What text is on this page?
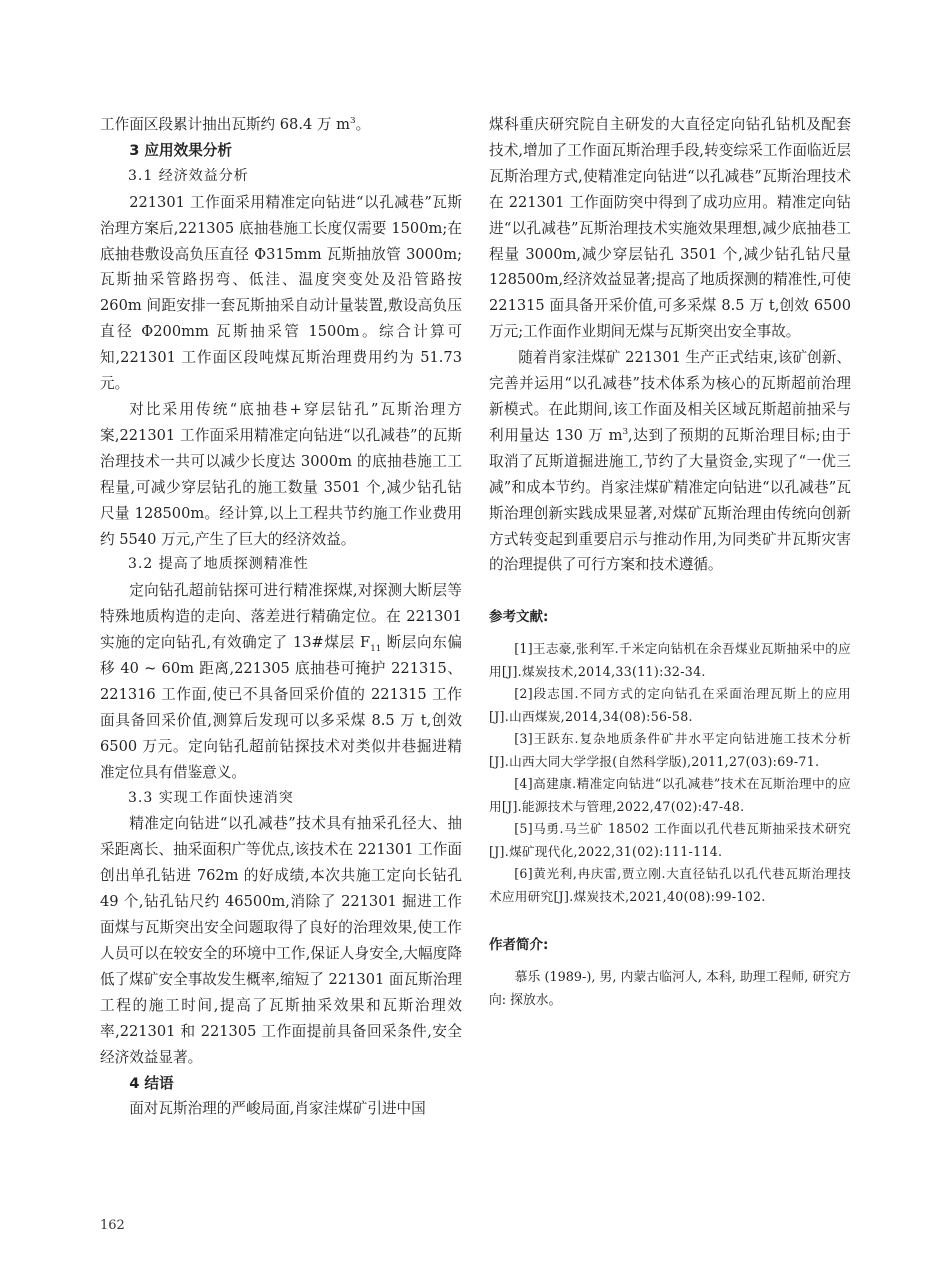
工作面区段累计抽出瓦斯约 68.4 万 $m^3$。

3 应用效果分析

3.1 经济效益分析

221301 工作面采用精准定向钻进“以孔减巷”瓦斯治理方案后,221305 底抽巷施工长度仅需要 1500m;在底抽巷敷设高负压直径 Φ315mm 瓦斯抽放管 3000m;瓦斯抽采管路拐弯、低洼、温度突变处及沿管路按 260m 间距安排一套瓦斯抽采自动计量装置,敷设高负压直径 Φ200mm 瓦斯抽采管 1500m。综合计算可知,221301 工作面区段吨煤瓦斯治理费用约为 51.73 元。

对比采用传统“底抽巷+穿层钻孔”瓦斯治理方案,221301 工作面采用精准定向钻进“以孔减巷”的瓦斯治理技术一共可以减少长度达 3000m 的底抽巷施工工程量,可减少穿层钻孔的施工数量 3501 个,减少钻孔钻尺量 128500m。经计算,以上工程共节约施工作业费用约 5540 万元,产生了巨大的经济效益。

3.2 提高了地质探测精准性

定向钻孔超前钻探可进行精准探煤,对探测大断层等特殊地质构造的走向、落差进行精确定位。在 221301 实施的定向钻孔,有效确定了 13#煤层 $F_{11}$ 断层向东偏移 40 ~ 60m 距离,221305 底抽巷可掩护 221315、221316 工作面,使已不具备回采价值的 221315 工作面具备回采价值,测算后发现可以多采煤 8.5 万 t,创效 6500 万元。定向钻孔超前钻探技术对类似井巷掘进精准定位具有借鉴意义。

3.3 实现工作面快速消突

精准定向钻进“以孔减巷”技术具有抽采孔径大、抽采距离长、抽采面积广等优点,该技术在 221301 工作面创出单孔钻进 762m 的好成绩,本次共施工定向长钻孔 49 个,钻孔钻尺约 46500m,消除了 221301 掘进工作面煤与瓦斯突出安全问题取得了良好的治理效果,使工作人员可以在较安全的环境中工作,保证人身安全,大幅度降低了煤矿安全事故发生概率,缩短了 221301 面瓦斯治理工程的施工时间,提高了瓦斯抽采效果和瓦斯治理效率,221301 和 221305 工作面提前具备回采条件,安全经济效益显著。

4 结语

面对瓦斯治理的严峻局面,肖家洼煤矿引进中国

煤科重庆研究院自主研发的大直径定向钻孔钻机及配套技术,增加了工作面瓦斯治理手段,转变综采工作面临近层瓦斯治理方式,使精准定向钻进“以孔减巷”瓦斯治理技术在 221301 工作面防突中得到了成功应用。精准定向钻进“以孔减巷”瓦斯治理技术实施效果理想,减少底抽巷工程量 3000m,减少穿层钻孔 3501 个,减少钻孔钻尺量 128500m,经济效益显著;提高了地质探测的精准性,可使 221315 面具备开采价值,可多采煤 8.5 万 t,创效 6500 万元;工作面作业期间无煤与瓦斯突出安全事故。

随着肖家洼煤矿 221301 生产正式结束,该矿创新、完善并运用“以孔减巷”技术体系为核心的瓦斯超前治理新模式。在此期间,该工作面及相关区域瓦斯超前抽采与利用量达 130 万 $m^3$,达到了预期的瓦斯治理目标;由于取消了瓦斯道掘进施工,节约了大量资金,实现了“一优三减”和成本节约。肖家洼煤矿精准定向钻进“以孔减巷”瓦斯治理创新实践成果显著,对煤矿瓦斯治理由传统向创新方式转变起到重要启示与推动作用,为同类矿井瓦斯灾害的治理提供了可行方案和技术遵循。

参考文献:

[1]王志豪,张利军.千米定向钻机在余吾煤业瓦斯抽采中的应用[J].煤炭技术,2014,33(11):32-34.

[2]段志国.不同方式的定向钻孔在采面治理瓦斯上的应用[J].山西煤炭,2014,34(08):56-58.

[3]王跃东.复杂地质条件矿井水平定向钻进施工技术分析[J].山西大同大学学报(自然科学版),2011,27(03):69-71.

[4]高建康.精准定向钻进“以孔减巷”技术在瓦斯治理中的应用[J].能源技术与管理,2022,47(02):47-48.

[5]马勇.马兰矿 18502 工作面以孔代巷瓦斯抽采技术研究[J].煤矿现代化,2022,31(02):111-114.

[6]黄光利,冉庆雷,贾立刚.大直径钻孔以孔代巷瓦斯治理技术应用研究[J].煤炭技术,2021,40(08):99-102.

作者简介:

慕乐 (1989-), 男, 内蒙古临河人, 本科, 助理工程师, 研究方向: 探放水。

162
